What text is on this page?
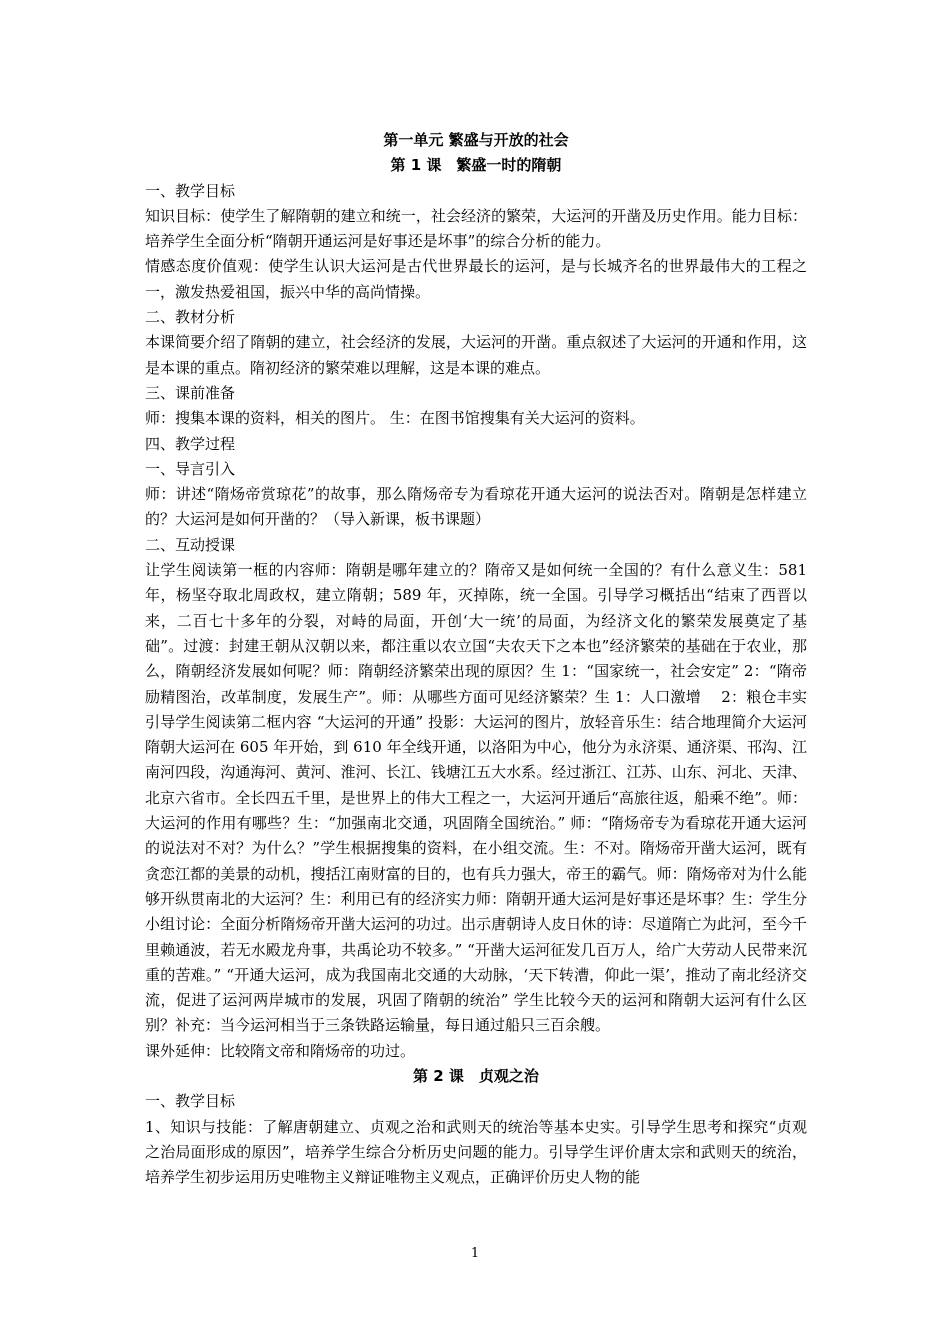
第一单元 繁盛与开放的社会

第 1 课　繁盛一时的隋朝

一、教学目标

知识目标：使学生了解隋朝的建立和统一，社会经济的繁荣，大运河的开凿及历史作用。能力目标：培养学生全面分析“隋朝开通运河是好事还是坏事”的综合分析的能力。

情感态度价值观：使学生认识大运河是古代世界最长的运河，是与长城齐名的世界最伟大的工程之一，激发热爱祖国，振兴中华的高尚情操。

二、教材分析

本课简要介绍了隋朝的建立，社会经济的发展，大运河的开凿。重点叙述了大运河的开通和作用，这是本课的重点。隋初经济的繁荣难以理解，这是本课的难点。

三、课前准备

师：搜集本课的资料，相关的图片。 生：在图书馆搜集有关大运河的资料。

四、教学过程

一、导言引入

师：讲述“隋炀帝赏琼花”的故事，那么隋炀帝专为看琼花开通大运河的说法否对。隋朝是怎样建立的？大运河是如何开凿的？（导入新课，板书课题）

二、互动授课

让学生阅读第一框的内容师：隋朝是哪年建立的？隋帝又是如何统一全国的？有什么意义生：581 年，杨坚夺取北周政权，建立隋朝；589 年，灭掉陈，统一全国。引导学习概括出“结束了西晋以来，二百七十多年的分裂，对峙的局面，开创‘大一统’的局面，为经济文化的繁荣发展奠定了基础”。过渡：封建王朝从汉朝以来，都注重以农立国“夫农天下之本也”经济繁荣的基础在于农业，那么，隋朝经济发展如何呢？师：隋朝经济繁荣出现的原因？生 1：“国家统一，社会安定” 2：“隋帝励精图治，改革制度，发展生产”。师：从哪些方面可见经济繁荣？生 1：人口激增　 2：粮仓丰实引导学生阅读第二框内容 “大运河的开通” 投影：大运河的图片，放轻音乐生：结合地理简介大运河隋朝大运河在 605 年开始，到 610 年全线开通，以洛阳为中心，他分为永济渠、通济渠、邗沟、江南河四段，沟通海河、黄河、淮河、长江、钱塘江五大水系。经过浙江、江苏、山东、河北、天津、北京六省市。全长四五千里，是世界上的伟大工程之一，大运河开通后“高旅往返，船乘不绝”。师：大运河的作用有哪些？生：“加强南北交通，巩固隋全国统治。” 师：“隋炀帝专为看琼花开通大运河的说法对不对？为什么？”学生根据搜集的资料，在小组交流。生：不对。隋炀帝开凿大运河，既有贪恋江都的美景的动机，搜括江南财富的目的，也有兵力强大，帝王的霸气。师：隋炀帝对为什么能够开纵贯南北的大运河？生：利用已有的经济实力师：隋朝开通大运河是好事还是坏事？生：学生分小组讨论：全面分析隋炀帝开凿大运河的功过。出示唐朝诗人皮日休的诗：尽道隋亡为此河，至今千里赖通波，若无水殿龙舟事，共禹论功不较多。” “开凿大运河征发几百万人，给广大劳动人民带来沉重的苦难。” “开通大运河，成为我国南北交通的大动脉，‘天下转漕，仰此一渠’，推动了南北经济交流，促进了运河两岸城市的发展，巩固了隋朝的统治” 学生比较今天的运河和隋朝大运河有什么区别？补充：当今运河相当于三条铁路运输量，每日通过船只三百余艘。

课外延伸：比较隋文帝和隋炀帝的功过。

第 2 课　贞观之治

一、教学目标

1、知识与技能：了解唐朝建立、贞观之治和武则天的统治等基本史实。引导学生思考和探究“贞观之治局面形成的原因”，培养学生综合分析历史问题的能力。引导学生评价唐太宗和武则天的统治，培养学生初步运用历史唯物主义辩证唯物主义观点，正确评价历史人物的能

1
